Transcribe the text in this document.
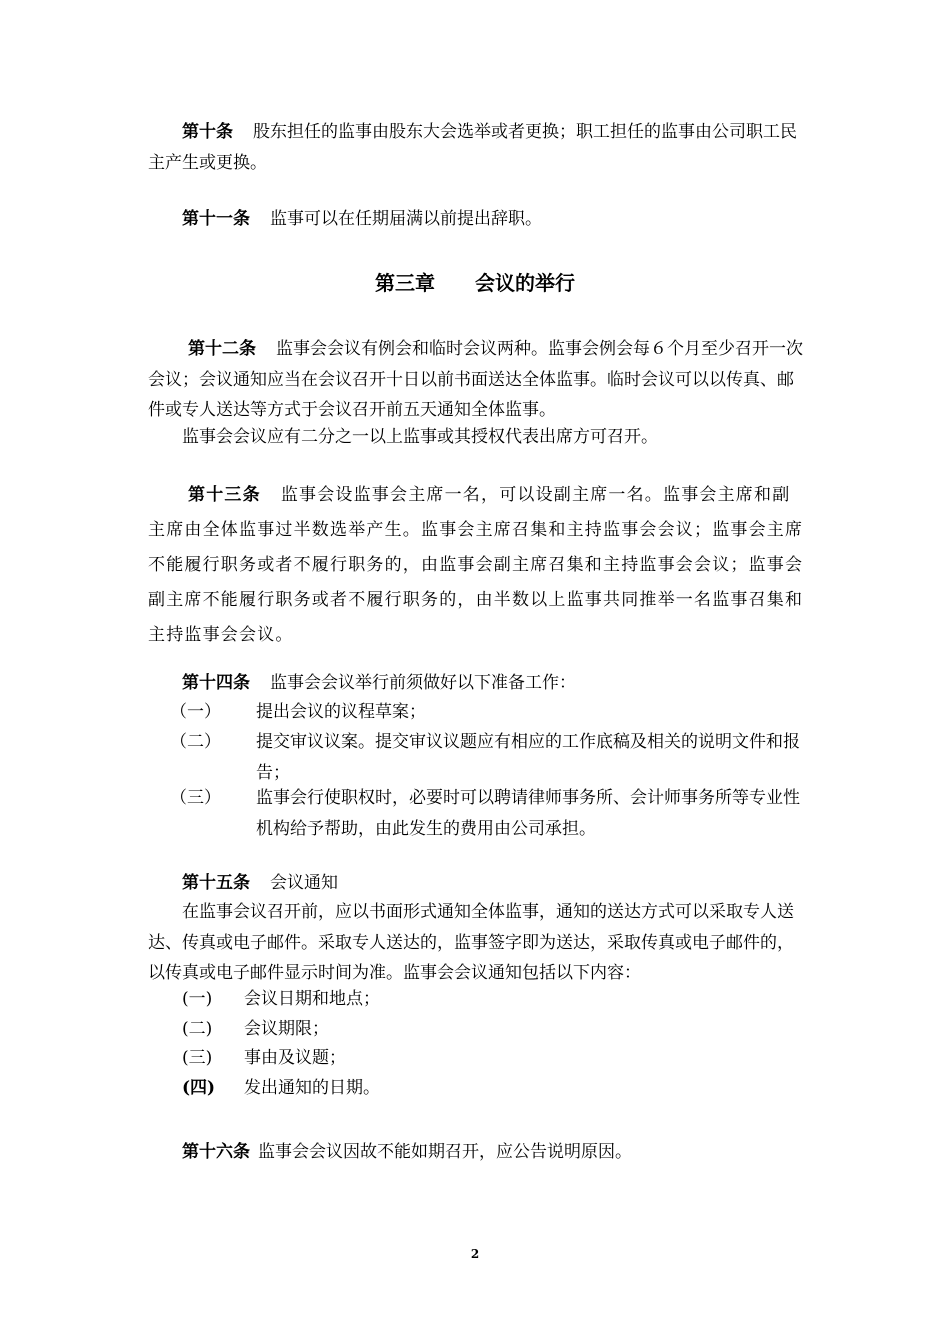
第十条 股东担任的监事由股东大会选举或者更换；职工担任的监事由公司职工民主产生或更换。
第十一条 监事可以在任期届满以前提出辞职。
第三章 会议的举行
第十二条 监事会会议有例会和临时会议两种。监事会例会每６个月至少召开一次会议；会议通知应当在会议召开十日以前书面送达全体监事。临时会议可以以传真、邮件或专人送达等方式于会议召开前五天通知全体监事。
监事会会议应有二分之一以上监事或其授权代表出席方可召开。
第十三条 监事会设监事会主席一名，可以设副主席一名。监事会主席和副主席由全体监事过半数选举产生。监事会主席召集和主持监事会会议；监事会主席不能履行职务或者不履行职务的，由监事会副主席召集和主持监事会会议；监事会副主席不能履行职务或者不履行职务的，由半数以上监事共同推举一名监事召集和主持监事会会议。
第十四条 监事会会议举行前须做好以下准备工作：
（一） 提出会议的议程草案；
（二） 提交审议议案。提交审议议题应有相应的工作底稿及相关的说明文件和报告；
（三） 监事会行使职权时，必要时可以聘请律师事务所、会计师事务所等专业性机构给予帮助，由此发生的费用由公司承担。
第十五条 会议通知
在监事会议召开前，应以书面形式通知全体监事，通知的送达方式可以采取专人送达、传真或电子邮件。采取专人送达的，监事签字即为送达，采取传真或电子邮件的，以传真或电子邮件显示时间为准。监事会会议通知包括以下内容：
(一) 会议日期和地点；
(二) 会议期限；
(三) 事由及议题；
(四) 发出通知的日期。
第十六条 监事会会议因故不能如期召开，应公告说明原因。
2
